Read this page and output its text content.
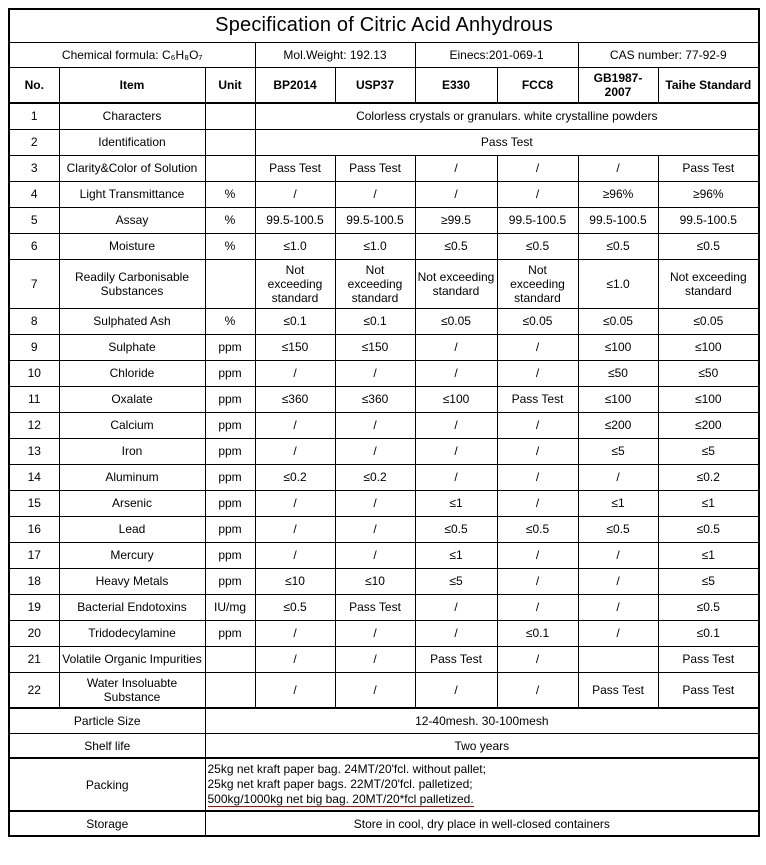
Specification of Citric Acid Anhydrous								
Chemical formula: C₆H₈O₇			Mol.Weight: 192.13		Einecs:201-069-1		CAS number: 77-92-9	
No.	Item	Unit	BP2014	USP37	E330	FCC8	GB1987-2007	Taihe Standard
1	Characters		Colorless crystals or granulars. white crystalline powders					
2	Identification		Pass Test					
3	Clarity&Color of Solution		Pass Test	Pass Test	/	/	/	Pass Test
4	Light Transmittance	%	/	/	/	/	≥96%	≥96%
5	Assay	%	99.5-100.5	99.5-100.5	≥99.5	99.5-100.5	99.5-100.5	99.5-100.5
6	Moisture	%	≤1.0	≤1.0	≤0.5	≤0.5	≤0.5	≤0.5
7	Readily Carbonisable Substances		Not exceeding standard	Not exceeding standard	Not exceeding standard	Not exceeding standard	≤1.0	Not exceeding standard
8	Sulphated Ash	%	≤0.1	≤0.1	≤0.05	≤0.05	≤0.05	≤0.05
9	Sulphate	ppm	≤150	≤150	/	/	≤100	≤100
10	Chloride	ppm	/	/	/	/	≤50	≤50
11	Oxalate	ppm	≤360	≤360	≤100	Pass Test	≤100	≤100
12	Calcium	ppm	/	/	/	/	≤200	≤200
13	Iron	ppm	/	/	/	/	≤5	≤5
14	Aluminum	ppm	≤0.2	≤0.2	/	/	/	≤0.2
15	Arsenic	ppm	/	/	≤1	/	≤1	≤1
16	Lead	ppm	/	/	≤0.5	≤0.5	≤0.5	≤0.5
17	Mercury	ppm	/	/	≤1	/	/	≤1
18	Heavy Metals	ppm	≤10	≤10	≤5	/	/	≤5
19	Bacterial Endotoxins	IU/mg	≤0.5	Pass Test	/	/	/	≤0.5
20	Tridodecylamine	ppm	/	/	/	≤0.1	/	≤0.1
21	Volatile Organic Impurities		/	/	Pass Test	/		Pass Test
22	Water Insoluabte Substance		/	/	/	/	Pass Test	Pass Test
Particle Size		12-40mesh. 30-100mesh						
Shelf life		Two years						
Packing		25kg net kraft paper bag. 24MT/20'fcl. without pallet;
25kg net kraft paper bags. 22MT/20'fcl. palletized;
500kg/1000kg net big bag. 20MT/20*fcl palletized.						

Storage		Store in cool, dry place in well-closed containers						
